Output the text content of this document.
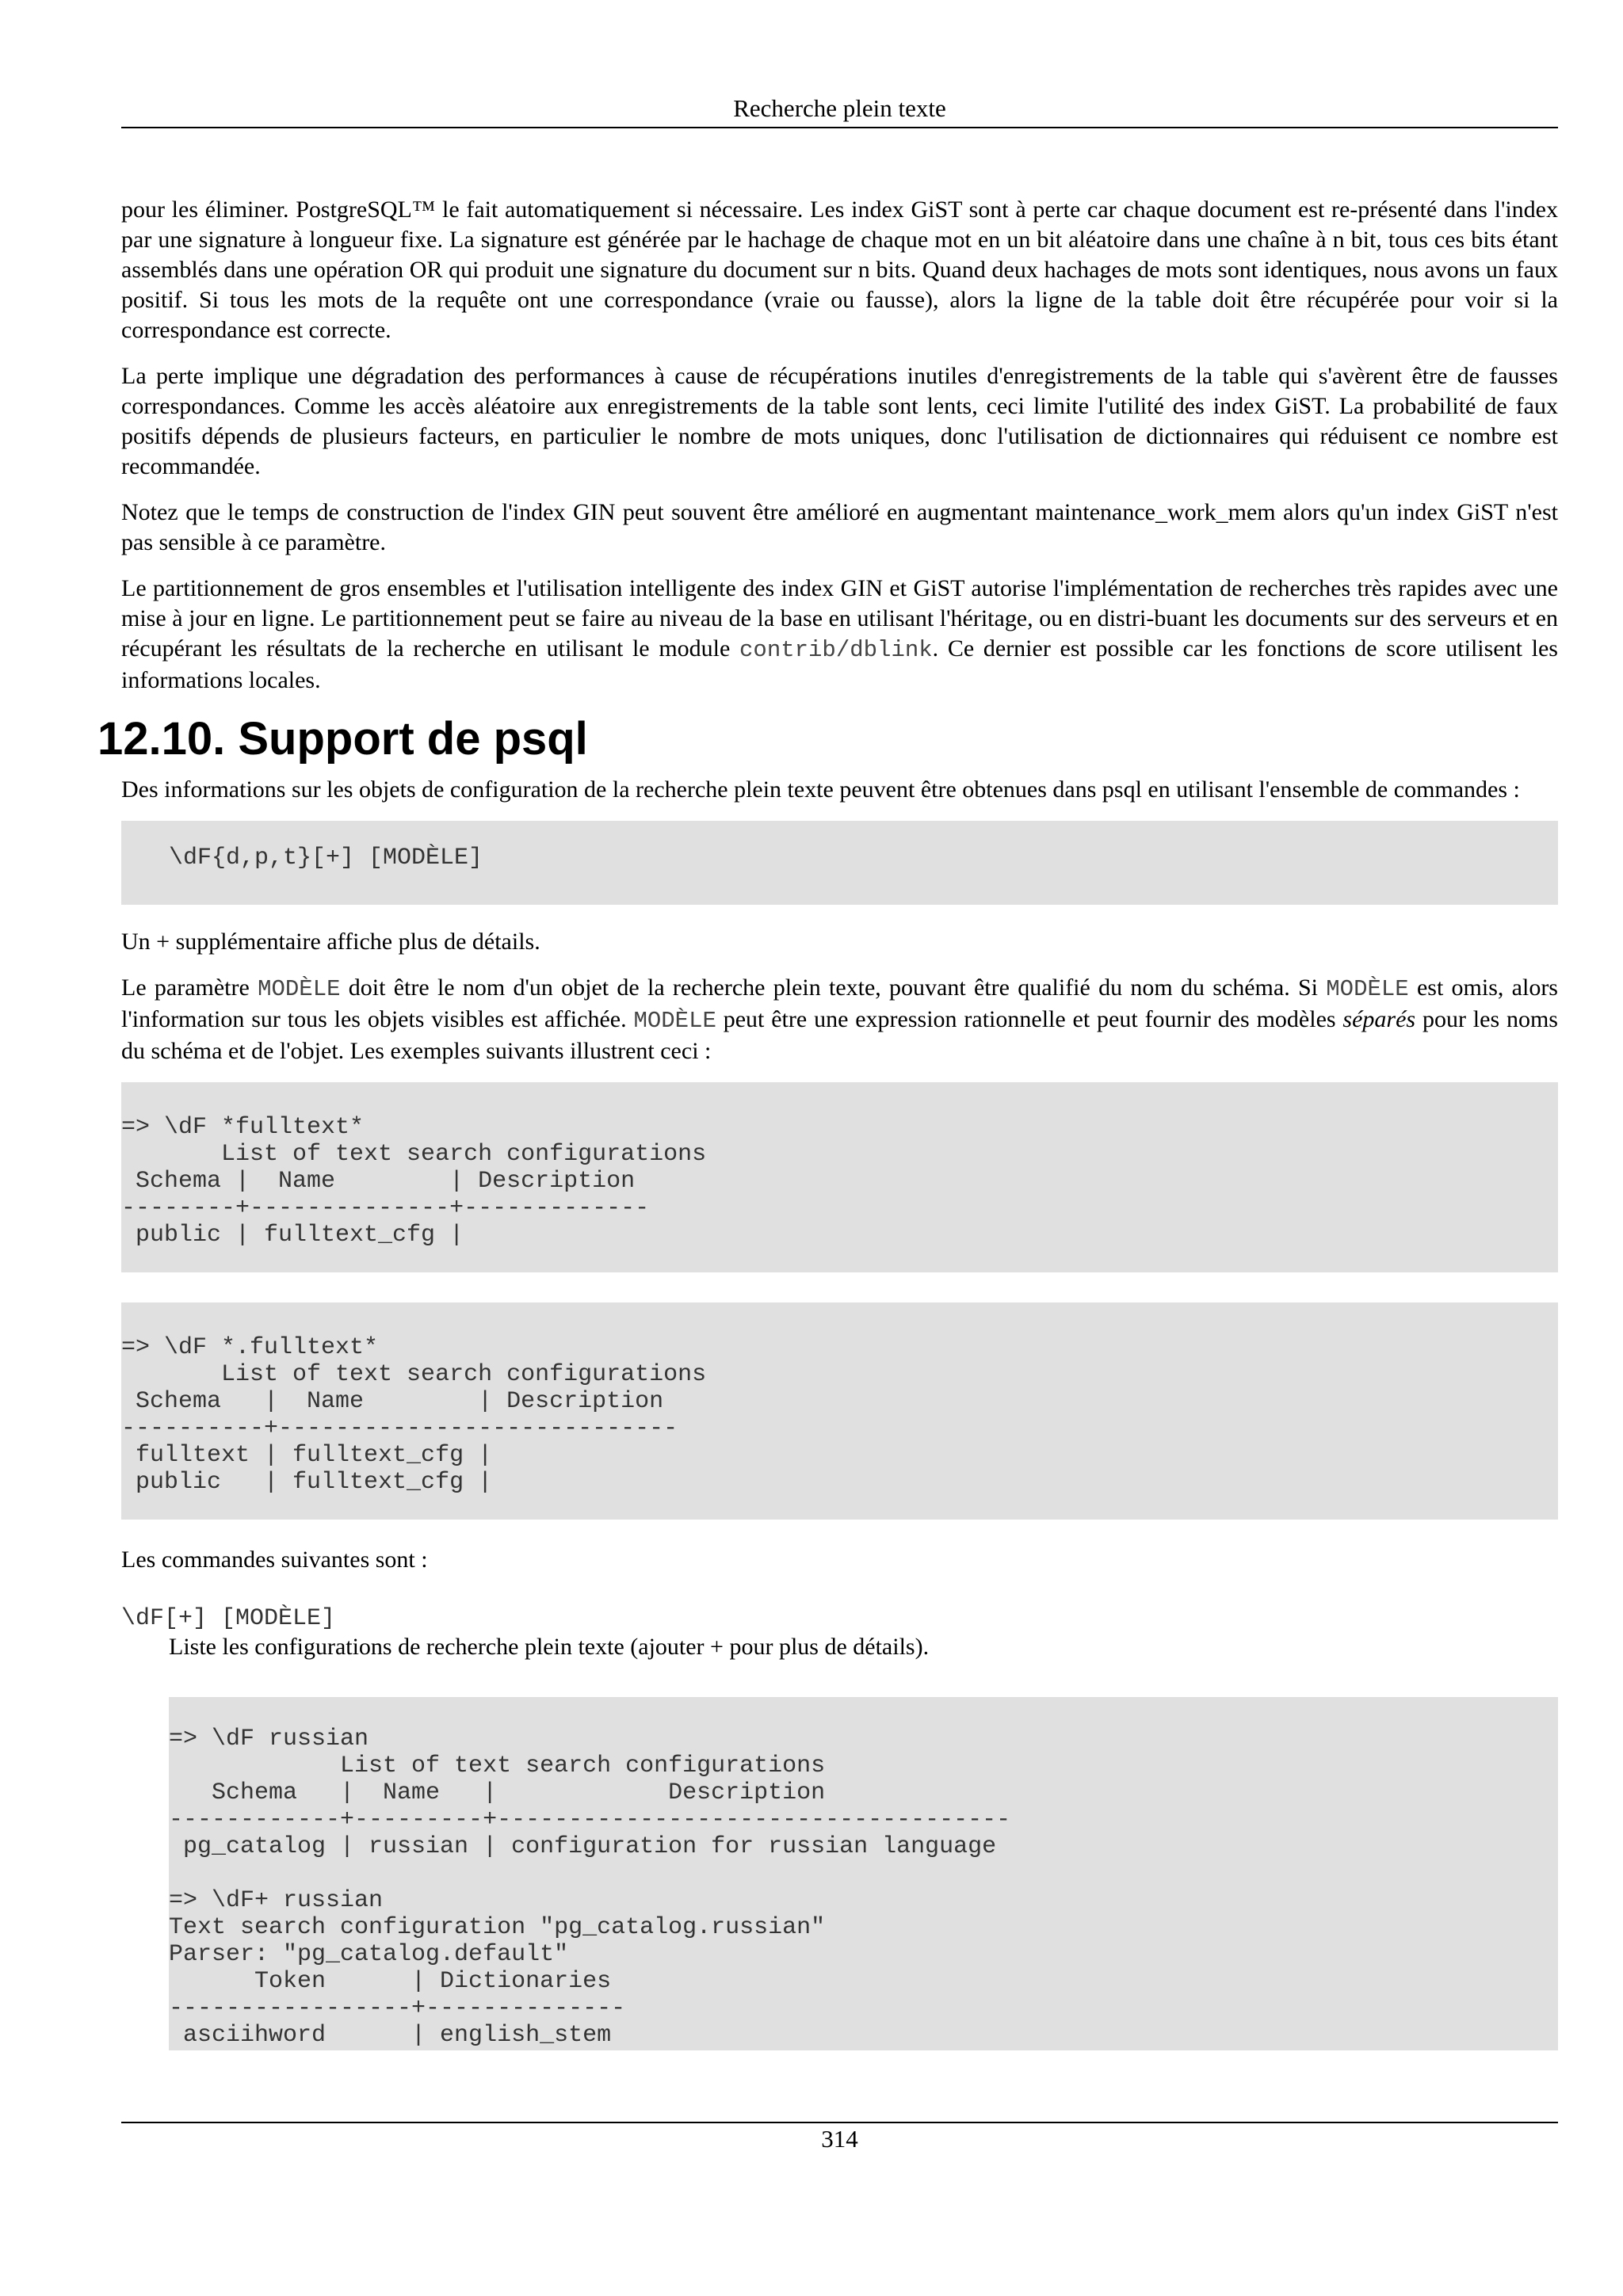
Recherche plein texte

pour les éliminer. PostgreSQL™ le fait automatiquement si nécessaire. Les index GiST sont à perte car chaque document est re-présenté dans l'index par une signature à longueur fixe. La signature est générée par le hachage de chaque mot en un bit aléatoire dans une chaîne à n bit, tous ces bits étant assemblés dans une opération OR qui produit une signature du document sur n bits. Quand deux hachages de mots sont identiques, nous avons un faux positif. Si tous les mots de la requête ont une correspondance (vraie ou fausse), alors la ligne de la table doit être récupérée pour voir si la correspondance est correcte.

La perte implique une dégradation des performances à cause de récupérations inutiles d'enregistrements de la table qui s'avèrent être de fausses correspondances. Comme les accès aléatoire aux enregistrements de la table sont lents, ceci limite l'utilité des index GiST. La probabilité de faux positifs dépends de plusieurs facteurs, en particulier le nombre de mots uniques, donc l'utilisation de dictionnaires qui réduisent ce nombre est recommandée.

Notez que le temps de construction de l'index GIN peut souvent être amélioré en augmentant maintenance_work_mem alors qu'un index GiST n'est pas sensible à ce paramètre.

Le partitionnement de gros ensembles et l'utilisation intelligente des index GIN et GiST autorise l'implémentation de recherches très rapides avec une mise à jour en ligne. Le partitionnement peut se faire au niveau de la base en utilisant l'héritage, ou en distri-buant les documents sur des serveurs et en récupérant les résultats de la recherche en utilisant le module contrib/dblink. Ce dernier est possible car les fonctions de score utilisent les informations locales.

12.10. Support de psql

Des informations sur les objets de configuration de la recherche plein texte peuvent être obtenues dans psql en utilisant l'ensemble de commandes :

\dF{d,p,t}[+] [MODÈLE]

Un + supplémentaire affiche plus de détails.

Le paramètre MODÈLE doit être le nom d'un objet de la recherche plein texte, pouvant être qualifié du nom du schéma. Si MODÈLE est omis, alors l'information sur tous les objets visibles est affichée. MODÈLE peut être une expression rationnelle et peut fournir des modèles séparés pour les noms du schéma et de l'objet. Les exemples suivants illustrent ceci :

=> \dF *fulltext*
List of text search configurations
Schema |  Name        | Description
--------+--------------+-------------
public | fulltext_cfg |
=> \dF *.fulltext*
List of text search configurations
Schema   |  Name        | Description
----------+----------------------------
fulltext | fulltext_cfg |
public   | fulltext_cfg |

Les commandes suivantes sont :

\dF[+] [MODÈLE]
Liste les configurations de recherche plein texte (ajouter + pour plus de détails).
=> \dF russian
List of text search configurations
Schema   |  Name   |            Description
------------+---------+------------------------------------
pg_catalog | russian | configuration for russian language

=> \dF+ russian
Text search configuration "pg_catalog.russian"
Parser: "pg_catalog.default"
Token      | Dictionaries
-----------------+--------------
asciihword      | english_stem
314
